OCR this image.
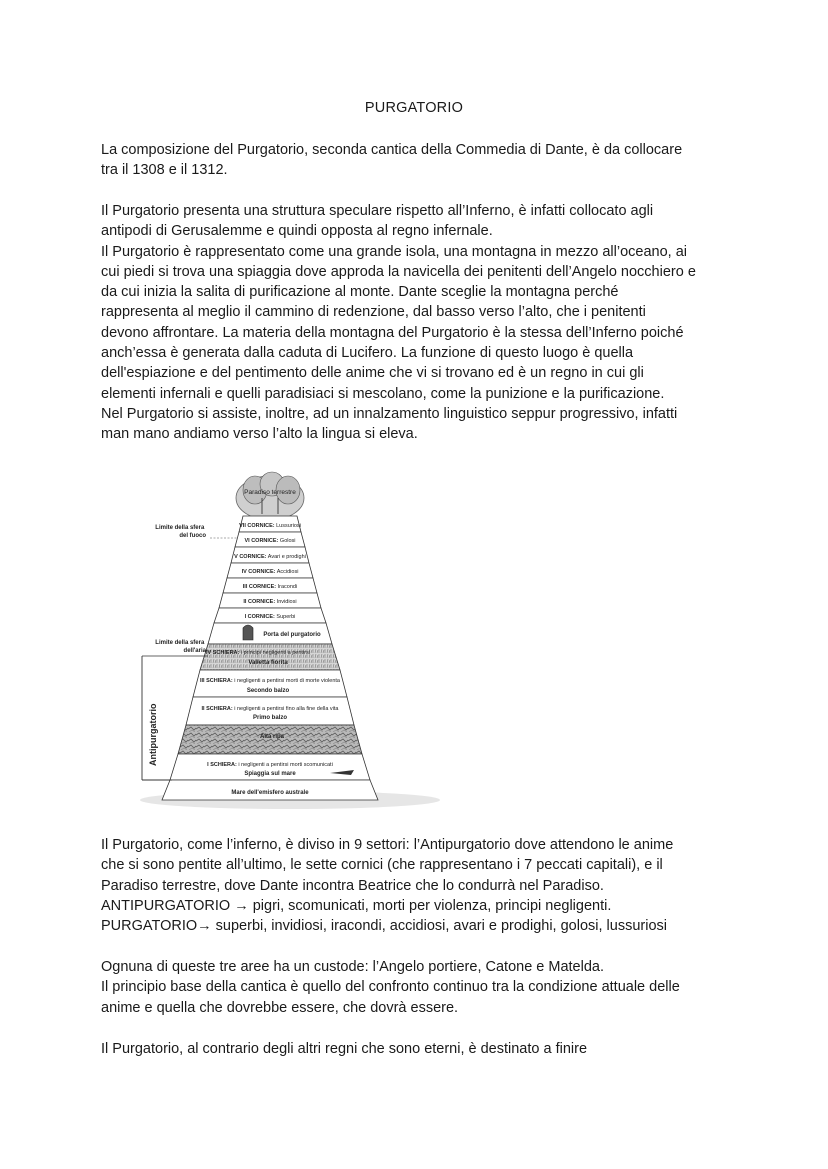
PURGATORIO
La composizione del Purgatorio, seconda cantica della Commedia di Dante, è da collocare
tra il 1308 e il 1312.
Il Purgatorio presenta una struttura speculare rispetto all’Inferno, è infatti collocato agli
antipodi di Gerusalemme e quindi opposta al regno infernale.
Il Purgatorio è rappresentato come una grande isola, una montagna in mezzo all’oceano, ai
cui piedi si trova una spiaggia dove approda la navicella dei penitenti dell’Angelo nocchiero e
da cui inizia la salita di purificazione al monte. Dante sceglie la montagna perché
rappresenta al meglio il cammino di redenzione, dal basso verso l’alto, che i penitenti
devono affrontare. La materia della montagna del Purgatorio è la stessa dell’Inferno poiché
anch’essa è generata dalla caduta di Lucifero. La funzione di questo luogo è quella
dell'espiazione e del pentimento delle anime che vi si trovano ed è un regno in cui gli
elementi infernali e quelli paradisiaci si mescolano, come la punizione e la purificazione.
Nel Purgatorio si assiste, inoltre, ad un innalzamento linguistico seppur progressivo, infatti
man mano andiamo verso l’alto la lingua si eleva.
Paradiso terrestre
VII CORNICE: Lussuriosi
VI CORNICE: Golosi
V CORNICE: Avari e prodighi
IV CORNICE: Accidiosi
III CORNICE: Iracondi
II CORNICE: Invidiosi
I CORNICE: Superbi
Porta del purgatorio
IV SCHIERA: i principi negligenti a pentirsi
Valletta fiorita
III SCHIERA: i negligenti a pentirsi morti di morte violenta
Secondo balzo
II SCHIERA: i negligenti a pentirsi fino alla fine della vita
Primo balzo
Alta ripa
I SCHIERA: i negligenti a pentirsi morti scomunicati
Spiaggia sul mare
Mare dell'emisfero australe
Limite della sfera del fuoco
Limite della sfera dell'aria
Antipurgatorio
Il Purgatorio, come l’inferno, è diviso in 9 settori: l’Antipurgatorio dove attendono le anime
che si sono pentite all’ultimo, le sette cornici (che rappresentano i 7 peccati capitali), e il
Paradiso terrestre, dove Dante incontra Beatrice che lo condurrà nel Paradiso.
ANTIPURGATORIO → pigri, scomunicati, morti per violenza, principi negligenti.
PURGATORIO→ superbi, invidiosi, iracondi, accidiosi, avari e prodighi, golosi, lussuriosi
Ognuna di queste tre aree ha un custode: l’Angelo portiere, Catone e Matelda.
Il principio base della cantica è quello del confronto continuo tra la condizione attuale delle
anime e quella che dovrebbe essere, che dovrà essere.
Il Purgatorio, al contrario degli altri regni che sono eterni, è destinato a finire
